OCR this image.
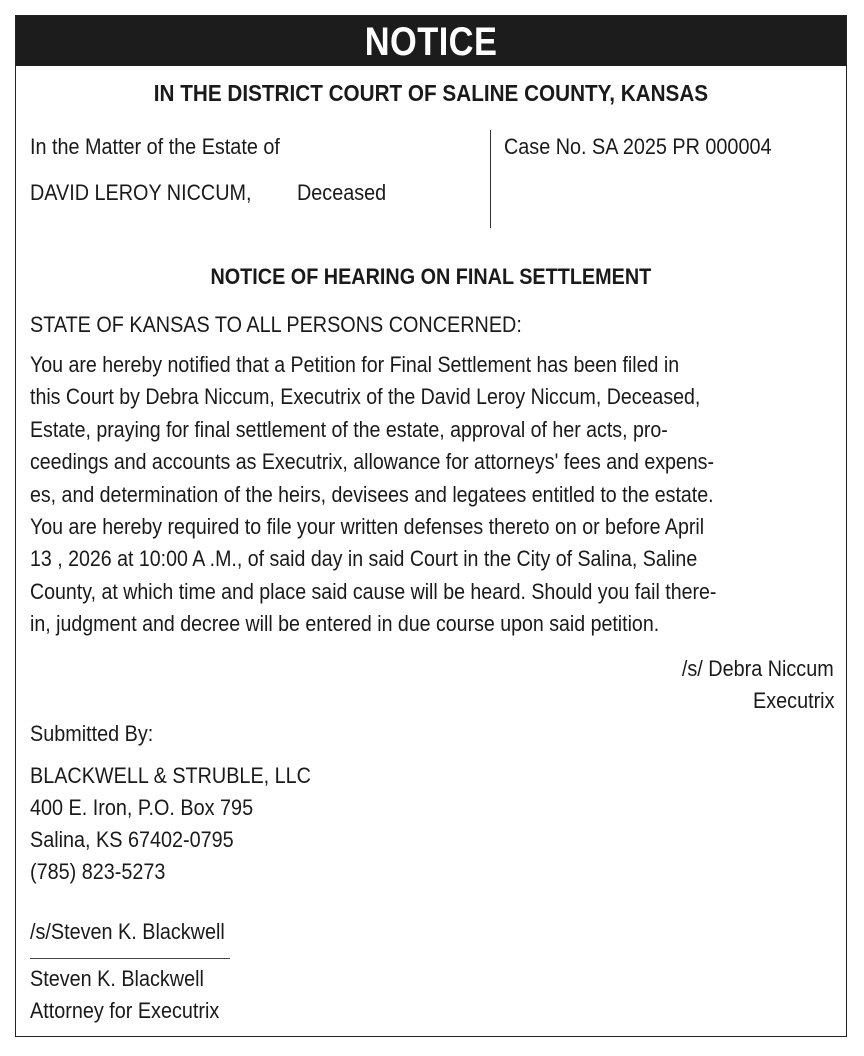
NOTICE
IN THE DISTRICT COURT OF SALINE COUNTY, KANSAS
In the Matter of the Estate of
DAVID LEROY NICCUM,	Deceased
Case No. SA 2025 PR 000004
NOTICE OF HEARING ON FINAL SETTLEMENT
STATE OF KANSAS TO ALL PERSONS CONCERNED:
You are hereby notified that a Petition for Final Settlement has been filed in
this Court by Debra Niccum, Executrix of the David Leroy Niccum, Deceased,
Estate, praying for final settlement of the estate, approval of her acts, pro-
ceedings and accounts as Executrix, allowance for attorneys' fees and expens-
es, and determination of the heirs, devisees and legatees entitled to the estate.
You are hereby required to file your written defenses thereto on or before April
13 , 2026 at 10:00 A .M., of said day in said Court in the City of Salina, Saline
County, at which time and place said cause will be heard. Should you fail there-
in, judgment and decree will be entered in due course upon said petition.
/s/ Debra Niccum
Executrix
Submitted By:
BLACKWELL & STRUBLE, LLC
400 E. Iron, P.O. Box 795
Salina, KS 67402-0795
(785) 823-5273
/s/Steven K. Blackwell
Steven K. Blackwell
Attorney for Executrix
